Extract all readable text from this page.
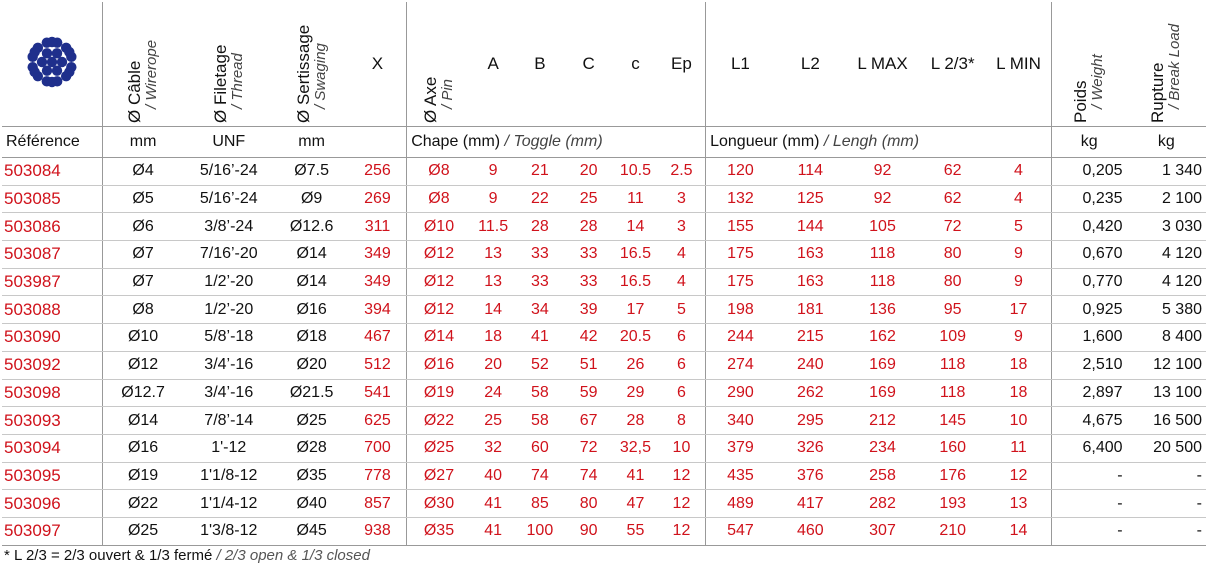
Ø Câble / Wirerope	Ø Filetage / Thread	Ø Sertissage / Swaging	X	Ø Axe / Pin	A	B	C	c	Ep	L1	L2	L MAX	L 2/3*	L MIN	Poids / Weight	Rupture / Break Load

Référence	mm	UNF	mm		Chape (mm) / Toggle (mm)						Longueur (mm) / Lengh (mm)					kg	kg
503084	Ø4	5/16’-24	Ø7.5	256	Ø8	9	21	20	10.5	2.5	120	114	92	62	4	0,205	1 340
503085	Ø5	5/16’-24	Ø9	269	Ø8	9	22	25	11	3	132	125	92	62	4	0,235	2 100
503086	Ø6	3/8’-24	Ø12.6	311	Ø10	11.5	28	28	14	3	155	144	105	72	5	0,420	3 030
503087	Ø7	7/16’-20	Ø14	349	Ø12	13	33	33	16.5	4	175	163	118	80	9	0,670	4 120
503987	Ø7	1/2’-20	Ø14	349	Ø12	13	33	33	16.5	4	175	163	118	80	9	0,770	4 120
503088	Ø8	1/2’-20	Ø16	394	Ø12	14	34	39	17	5	198	181	136	95	17	0,925	5 380
503090	Ø10	5/8’-18	Ø18	467	Ø14	18	41	42	20.5	6	244	215	162	109	9	1,600	8 400
503092	Ø12	3/4’-16	Ø20	512	Ø16	20	52	51	26	6	274	240	169	118	18	2,510	12 100
503098	Ø12.7	3/4’-16	Ø21.5	541	Ø19	24	58	59	29	6	290	262	169	118	18	2,897	13 100
503093	Ø14	7/8’-14	Ø25	625	Ø22	25	58	67	28	8	340	295	212	145	10	4,675	16 500
503094	Ø16	1'-12	Ø28	700	Ø25	32	60	72	32,5	10	379	326	234	160	11	6,400	20 500
503095	Ø19	1'1/8-12	Ø35	778	Ø27	40	74	74	41	12	435	376	258	176	12	-	-
503096	Ø22	1'1/4-12	Ø40	857	Ø30	41	85	80	47	12	489	417	282	193	13	-	-
503097	Ø25	1'3/8-12	Ø45	938	Ø35	41	100	90	55	12	547	460	307	210	14	-	-
* L 2/3 = 2/3 ouvert & 1/3 fermé / 2/3 open & 1/3 closed
